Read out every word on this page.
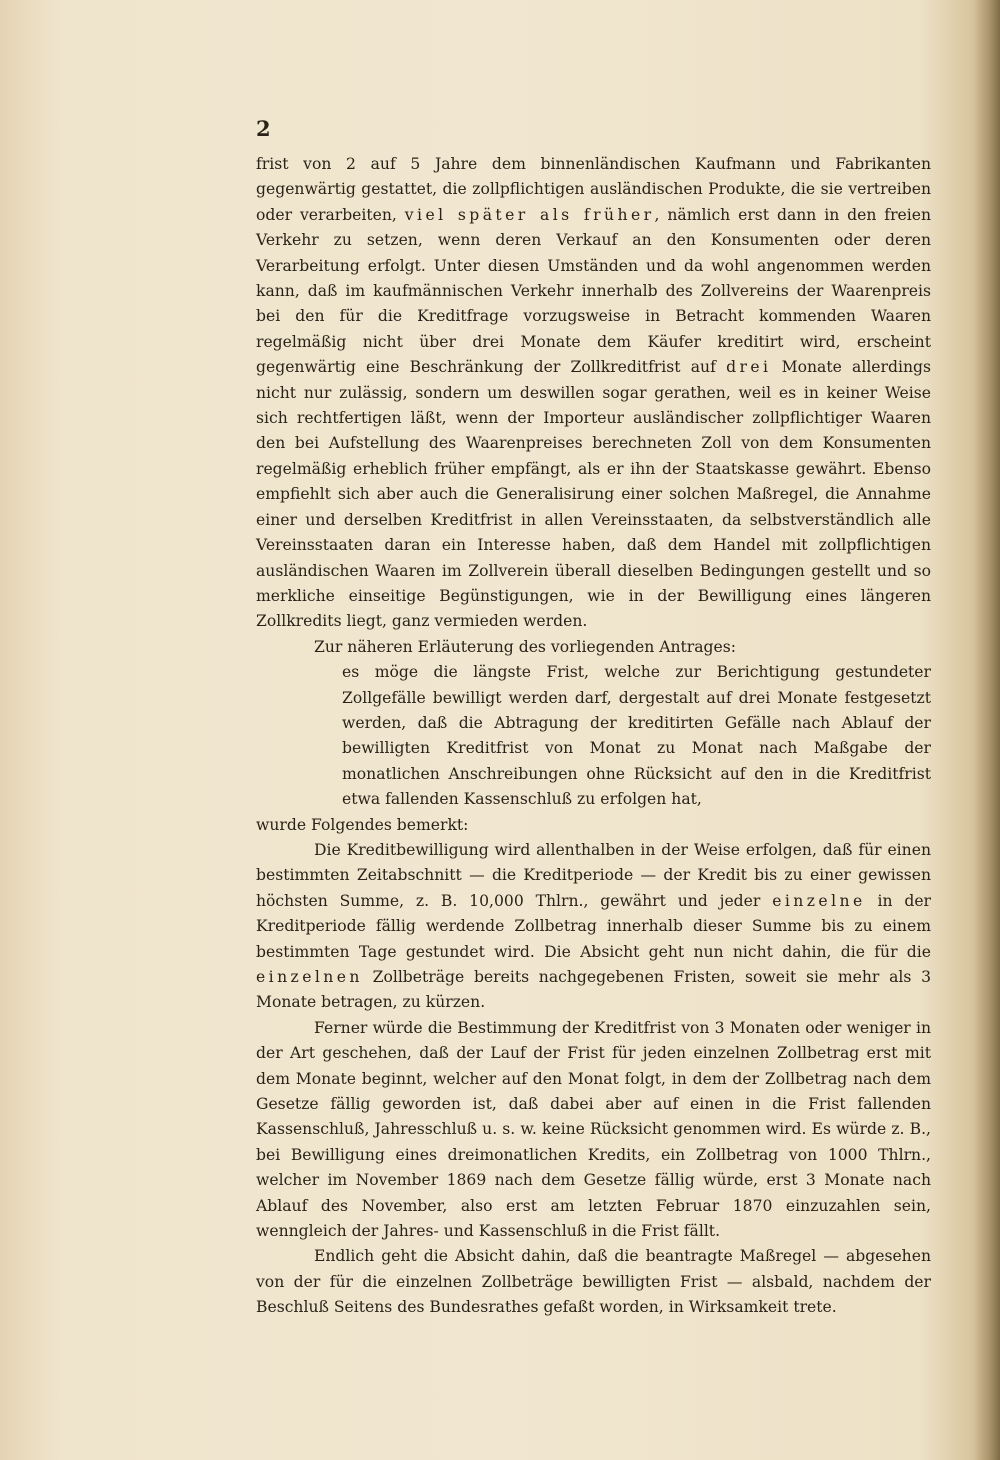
2

frist von 2 auf 5 Jahre dem binnenländischen Kaufmann und Fabrikanten gegenwärtig gestattet, die zollpflichtigen ausländischen Produkte, die sie vertreiben oder verarbeiten, viel später als früher, nämlich erst dann in den freien Verkehr zu setzen, wenn deren Verkauf an den Konsumenten oder deren Verarbeitung erfolgt. Unter diesen Umständen und da wohl angenommen werden kann, daß im kaufmännischen Verkehr innerhalb des Zollvereins der Waarenpreis bei den für die Kreditfrage vorzugsweise in Betracht kommenden Waaren regelmäßig nicht über drei Monate dem Käufer kreditirt wird, erscheint gegenwärtig eine Beschränkung der Zollkreditfrist auf drei Monate allerdings nicht nur zulässig, sondern um deswillen sogar gerathen, weil es in keiner Weise sich rechtfertigen läßt, wenn der Importeur ausländischer zollpflichtiger Waaren den bei Aufstellung des Waarenpreises berechneten Zoll von dem Konsumenten regelmäßig erheblich früher empfängt, als er ihn der Staatskasse gewährt. Ebenso empfiehlt sich aber auch die Generalisirung einer solchen Maßregel, die Annahme einer und derselben Kreditfrist in allen Vereinsstaaten, da selbstverständlich alle Vereinsstaaten daran ein Interesse haben, daß dem Handel mit zollpflichtigen ausländischen Waaren im Zollverein überall dieselben Bedingungen gestellt und so merkliche einseitige Begünstigungen, wie in der Bewilligung eines längeren Zollkredits liegt, ganz vermieden werden.

Zur näheren Erläuterung des vorliegenden Antrages:

es möge die längste Frist, welche zur Berichtigung gestundeter Zollgefälle bewilligt werden darf, dergestalt auf drei Monate festgesetzt werden, daß die Abtragung der kreditirten Gefälle nach Ablauf der bewilligten Kreditfrist von Monat zu Monat nach Maßgabe der monatlichen Anschreibungen ohne Rücksicht auf den in die Kreditfrist etwa fallenden Kassenschluß zu erfolgen hat,

wurde Folgendes bemerkt:

Die Kreditbewilligung wird allenthalben in der Weise erfolgen, daß für einen bestimmten Zeitabschnitt — die Kreditperiode — der Kredit bis zu einer gewissen höchsten Summe, z. B. 10,000 Thlrn., gewährt und jeder einzelne in der Kreditperiode fällig werdende Zollbetrag innerhalb dieser Summe bis zu einem bestimmten Tage gestundet wird. Die Absicht geht nun nicht dahin, die für die einzelnen Zollbeträge bereits nachgegebenen Fristen, soweit sie mehr als 3 Monate betragen, zu kürzen.

Ferner würde die Bestimmung der Kreditfrist von 3 Monaten oder weniger in der Art geschehen, daß der Lauf der Frist für jeden einzelnen Zollbetrag erst mit dem Monate beginnt, welcher auf den Monat folgt, in dem der Zollbetrag nach dem Gesetze fällig geworden ist, daß dabei aber auf einen in die Frist fallenden Kassenschluß, Jahresschluß u. s. w. keine Rücksicht genommen wird. Es würde z. B., bei Bewilligung eines dreimonatlichen Kredits, ein Zollbetrag von 1000 Thlrn., welcher im November 1869 nach dem Gesetze fällig würde, erst 3 Monate nach Ablauf des November, also erst am letzten Februar 1870 einzuzahlen sein, wenngleich der Jahres- und Kassenschluß in die Frist fällt.

Endlich geht die Absicht dahin, daß die beantragte Maßregel — abgesehen von der für die einzelnen Zollbeträge bewilligten Frist — alsbald, nachdem der Beschluß Seitens des Bundesrathes gefaßt worden, in Wirksamkeit trete.
